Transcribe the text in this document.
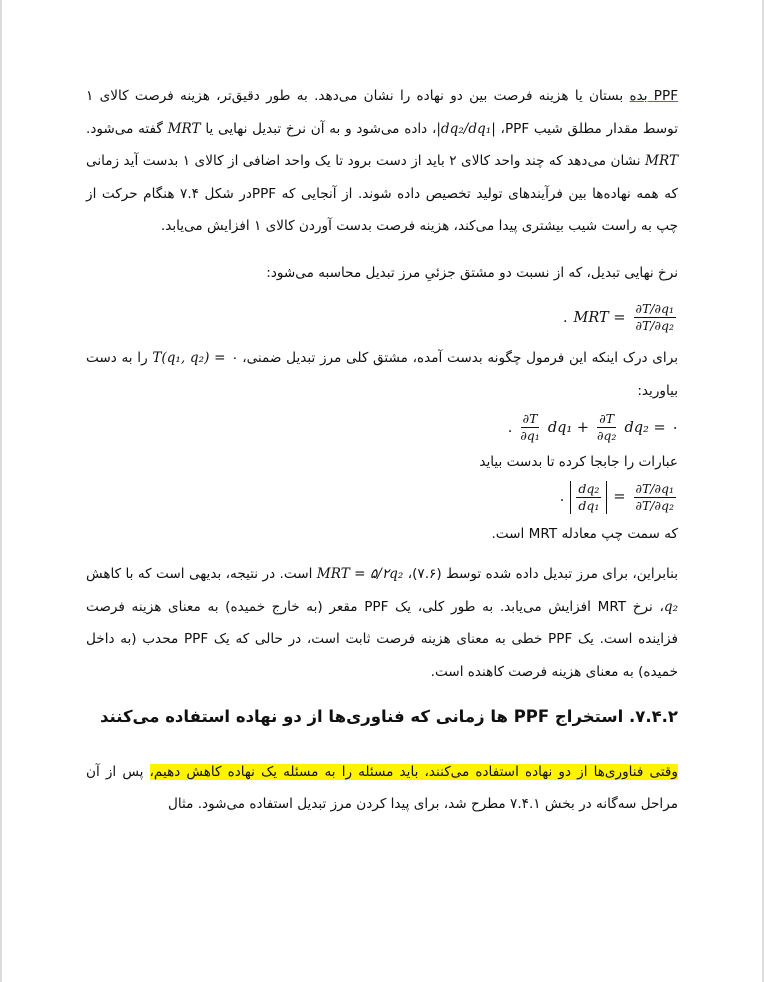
PPF بده بستان یا هزینه فرصت بین دو نهاده را نشان می‌دهد. به طور دقیق‌تر، هزینه فرصت کالای ۱ توسط مقدار مطلق شیب PPF، |dq₂/dq₁|، داده می‌شود و به آن نرخ تبدیل نهایی یا MRT گفته می‌شود. MRT نشان می‌دهد که چند واحد کالای ۲ باید از دست برود تا یک واحد اضافی از کالای ۱ بدست آید زمانی که همه نهاده‌ها بین فرآیندهای تولید تخصیص داده شوند. از آنجایی که PPFدر شکل ۷.۴ هنگام حرکت از چپ به راست شیب بیشتری پیدا می‌کند، هزینه فرصت بدست آوردن کالای ۱ افزایش می‌یابد.

نرخ نهایی تبدیل، که از نسبت دو مشتق جزئیِ مرز تبدیل محاسبه می‌شود:

. MRT = $\frac{\text{∂T/∂q₁}}{\text{∂T/∂q₂}}$

برای درک اینکه این فرمول چگونه بدست آمده، مشتق کلی مرز تبدیل ضمنی، T(q₁, q₂) = ۰ را به دست بیاورید:

. $\frac{\partial T}{\text{∂q₁}} dq_1 + \frac{\partial T}{\text{∂q₂}} dq_2$ = ۰

عبارات را جابجا کرده تا بدست بیاید

. $\frac{\text{dq₂}}{\text{dq₁}} = \frac{\text{∂T/∂q₁}}{\text{∂T/∂q₂}}$

که سمت چپ معادله MRT است.

بنابراین، برای مرز تبدیل داده شده توسط (۷.۶)، MRT = ۵/۲q₂ است. در نتیجه، بدیهی است که با کاهش q₂، نرخ MRT افزایش می‌یابد. به طور کلی، یک PPF مقعر (به خارج خمیده) به معنای هزینه فرصت فزاینده است. یک PPF خطی به معنای هزینه فرصت ثابت است، در حالی که یک PPF محدب (به داخل خمیده) به معنای هزینه فرصت کاهنده است.

۷.۴.۲. استخراج PPF ها زمانی که فناوری‌ها از دو نهاده استفاده می‌کنند

وقتی فناوری‌ها از دو نهاده استفاده می‌کنند، باید مسئله را به مسئله یک نهاده کاهش دهیم، پس از آن مراحل سه‌گانه در بخش ۷.۴.۱ مطرح شد، برای پیدا کردن مرز تبدیل استفاده می‌شود. مثال
